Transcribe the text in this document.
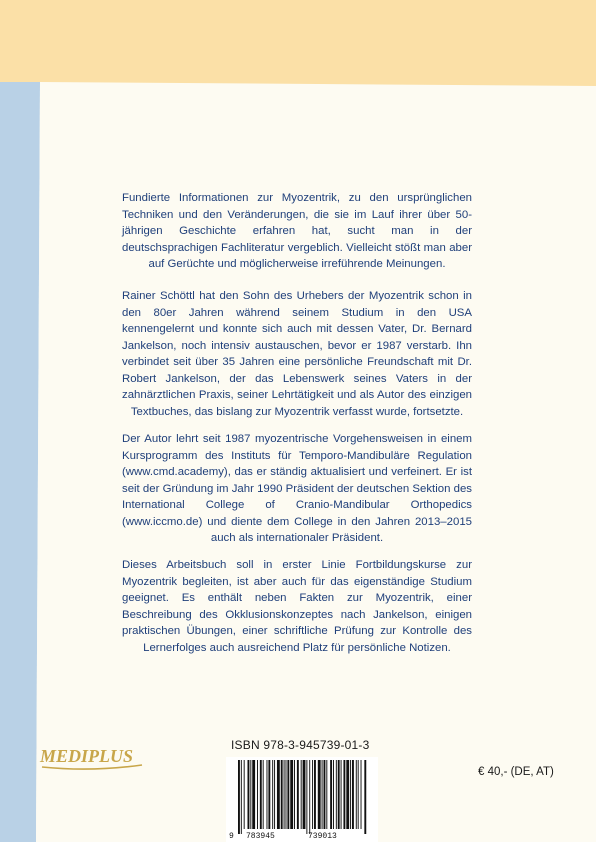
Fundierte Informationen zur Myozentrik, zu den ursprünglichen Techniken und den Veränderungen, die sie im Lauf ihrer über 50-jährigen Geschichte erfahren hat, sucht man in der deutschsprachigen Fachliteratur vergeblich. Vielleicht stößt man aber auf Gerüchte und möglicherweise irreführende Meinungen.

Rainer Schöttl hat den Sohn des Urhebers der Myozentrik schon in den 80er Jahren während seinem Studium in den USA kennengelernt und konnte sich auch mit dessen Vater, Dr. Bernard Jankelson, noch intensiv austauschen, bevor er 1987 verstarb. Ihn verbindet seit über 35 Jahren eine persönliche Freundschaft mit Dr. Robert Jankelson, der das Lebenswerk seines Vaters in der zahnärztlichen Praxis, seiner Lehrtätigkeit und als Autor des einzigen Textbuches, das bislang zur Myozentrik verfasst wurde, fortsetzte.

Der Autor lehrt seit 1987 myozentrische Vorgehensweisen in einem Kursprogramm des Instituts für Temporo-Mandibuläre Regulation (www.cmd.academy), das er ständig aktualisiert und verfeinert. Er ist seit der Gründung im Jahr 1990 Präsident der deutschen Sektion des International College of Cranio-Mandibular Orthopedics (www.iccmo.de) und diente dem College in den Jahren 2013–2015 auch als internationaler Präsident.

Dieses Arbeitsbuch soll in erster Linie Fortbildungskurse zur Myozentrik begleiten, ist aber auch für das eigenständige Studium geeignet. Es enthält neben Fakten zur Myozentrik, einer Beschreibung des Okklusionskonzeptes nach Jankelson, einigen praktischen Übungen, einer schriftliche Prüfung zur Kontrolle des Lernerfolges auch ausreichend Platz für persönliche Notizen.

MEDI PLUS
ISBN 978-3-945739-01-3
9 783945	739013
€ 40,- (DE, AT)
